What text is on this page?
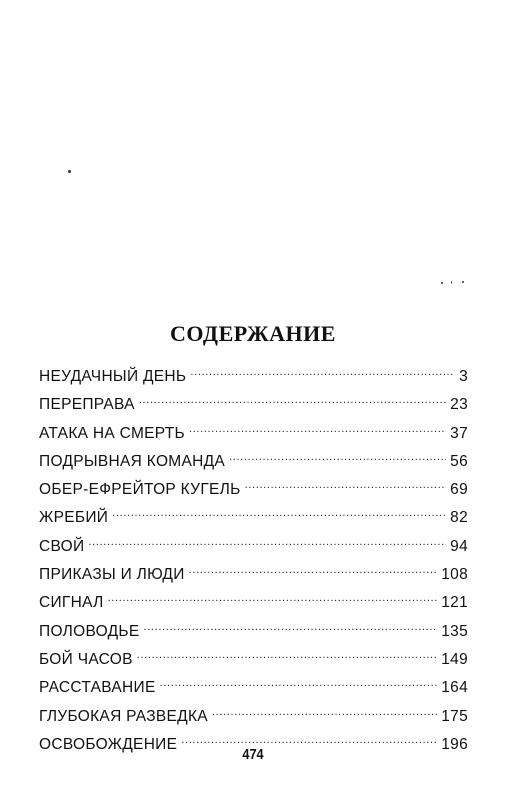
СОДЕРЖАНИЕ
НЕУДАЧНЫЙ ДЕНЬ . . .	3
ПЕРЕПРАВА . . .	23
АТАКА НА СМЕРТЬ . . .	37
ПОДРЫВНАЯ КОМАНДА . . .	56
ОБЕР-ЕФРЕЙТОР КУГЕЛЬ . . .	69
ЖРЕБИЙ . . .	82
СВОЙ . . .	94
ПРИКАЗЫ И ЛЮДИ . . .	108
СИГНАЛ . . .	121
ПОЛОВОДЬЕ . . .	135
БОЙ ЧАСОВ . . .	149
РАССТАВАНИЕ . . .	164
ГЛУБОКАЯ РАЗВЕДКА . . .	175
ОСВОБОЖДЕНИЕ . . .	196
474
